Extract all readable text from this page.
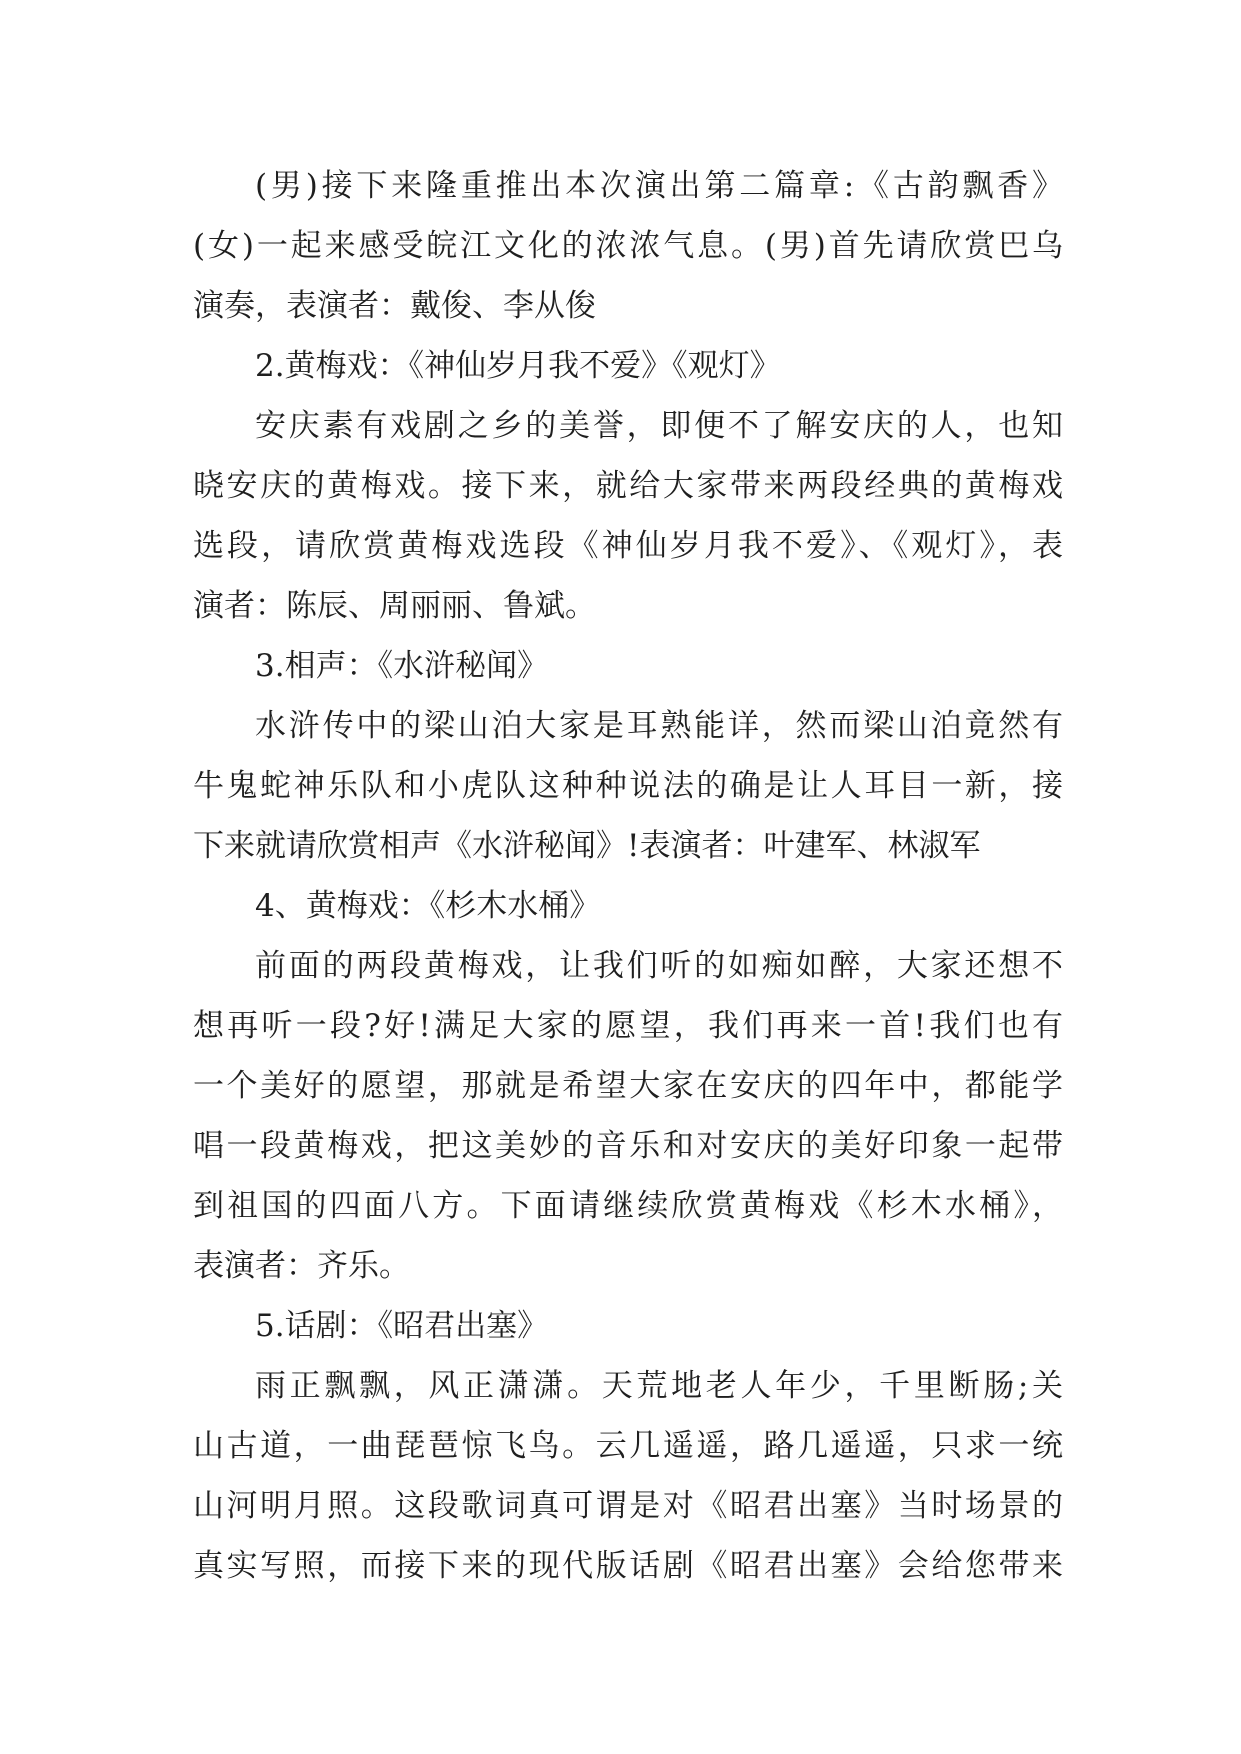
(男)接下来隆重推出本次演出第二篇章:《古韵飘香》
(女)一起来感受皖江文化的浓浓气息。(男)首先请欣赏巴乌
演奏，表演者：戴俊、李从俊
2.黄梅戏：《神仙岁月我不爱》《观灯》
安庆素有戏剧之乡的美誉，即便不了解安庆的人，也知
晓安庆的黄梅戏。接下来，就给大家带来两段经典的黄梅戏
选段，请欣赏黄梅戏选段《神仙岁月我不爱》、《观灯》，表
演者：陈辰、周丽丽、鲁斌。
3.相声：《水浒秘闻》
水浒传中的梁山泊大家是耳熟能详，然而梁山泊竟然有
牛鬼蛇神乐队和小虎队这种种说法的确是让人耳目一新，接
下来就请欣赏相声《水浒秘闻》!表演者：叶建军、林淑军
4、黄梅戏：《杉木水桶》
前面的两段黄梅戏，让我们听的如痴如醉，大家还想不
想再听一段?好!满足大家的愿望，我们再来一首!我们也有
一个美好的愿望，那就是希望大家在安庆的四年中，都能学
唱一段黄梅戏，把这美妙的音乐和对安庆的美好印象一起带
到祖国的四面八方。下面请继续欣赏黄梅戏《杉木水桶》，
表演者：齐乐。
5.话剧：《昭君出塞》
雨正飘飘，风正潇潇。天荒地老人年少，千里断肠;关
山古道，一曲琵琶惊飞鸟。云几遥遥，路几遥遥，只求一统
山河明月照。这段歌词真可谓是对《昭君出塞》当时场景的
真实写照，而接下来的现代版话剧《昭君出塞》会给您带来
